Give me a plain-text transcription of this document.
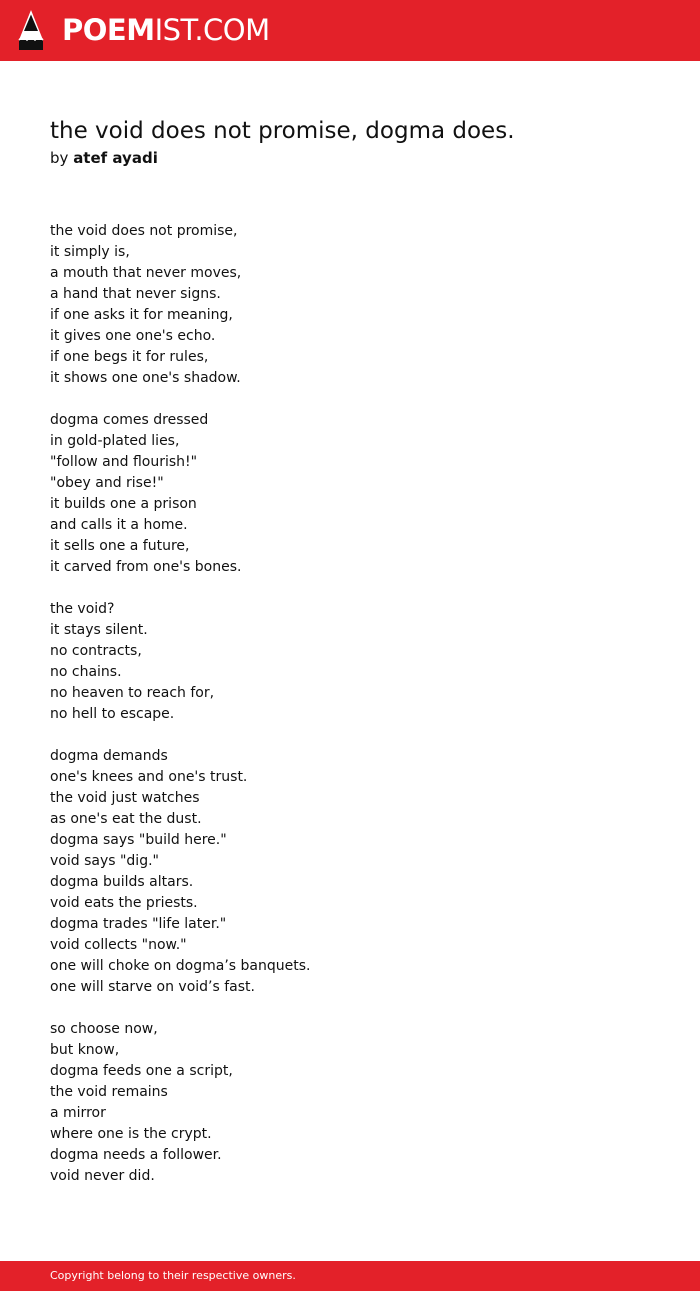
POEMIST.COM
the void does not promise, dogma does.
by atef ayadi
the void does not promise,
it simply is,
a mouth that never moves,
a hand that never signs.
if one asks it for meaning,
it gives one one's echo.
if one begs it for rules,
it shows one one's shadow.
dogma comes dressed
in gold-plated lies,
"follow and flourish!"
"obey and rise!"
it builds one a prison
and calls it a home.
it sells one a future,
it carved from one's bones.
the void?
it stays silent.
no contracts,
no chains.
no heaven to reach for,
no hell to escape.
dogma demands
one's knees and one's trust.
the void just watches
as one's eat the dust.
dogma says "build here."
void says "dig."
dogma builds altars.
void eats the priests.
dogma trades "life later."
void collects "now."
one will choke on dogma’s banquets.
one will starve on void’s fast.
so choose now,
but know,
dogma feeds one a script,
the void remains
a mirror
where one is the crypt.
dogma needs a follower.
void never did.
Copyright belong to their respective owners.
